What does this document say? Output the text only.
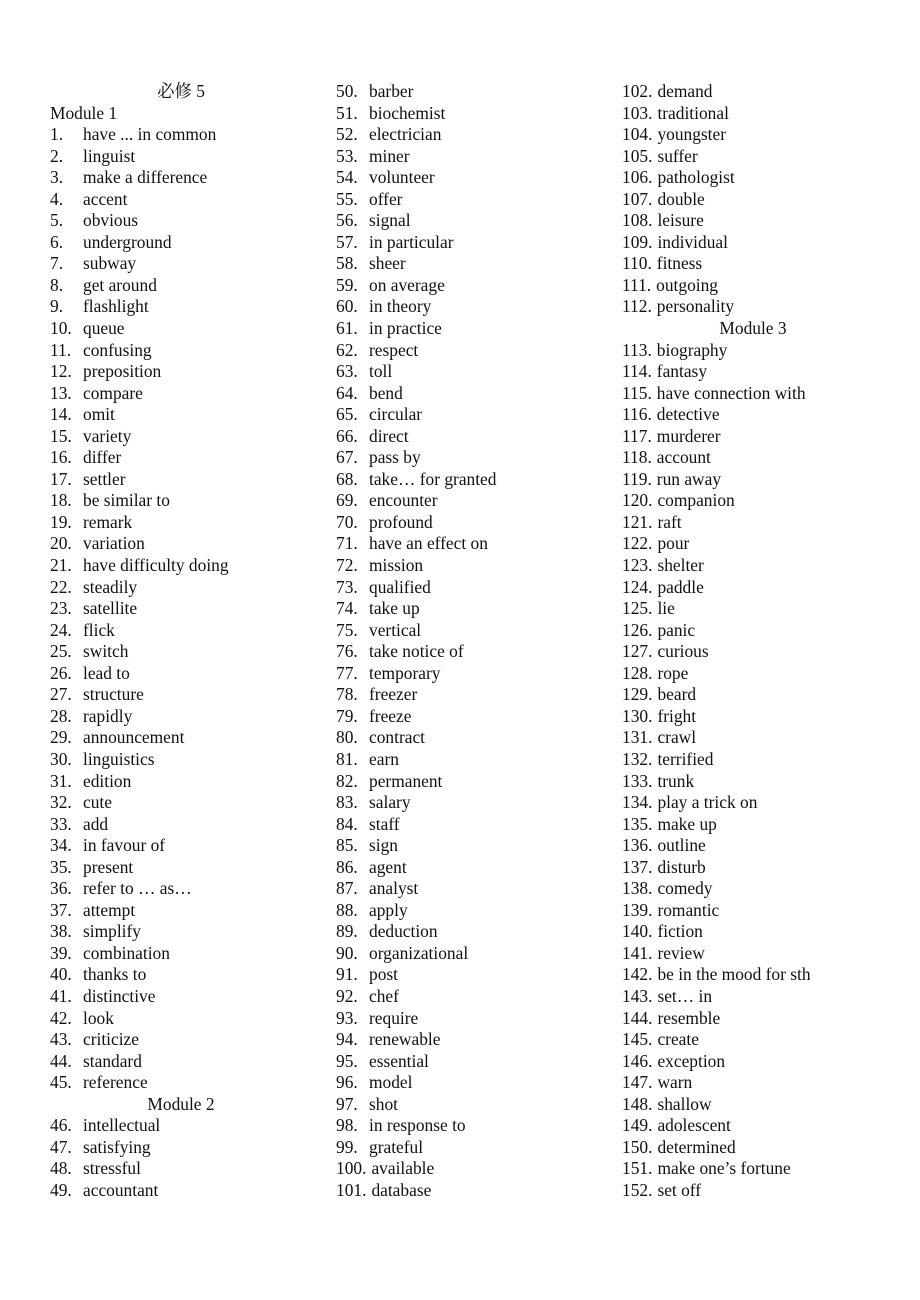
必修 5
Module 1
1.	have ... in common
2.	linguist
3.	make a difference
4.	accent
5.	obvious
6.	underground
7.	subway
8.	get around
9.	flashlight
10. queue
11. confusing
12. preposition
13. compare
14. omit
15. variety
16. differ
17. settler
18. be similar to
19. remark
20. variation
21. have difficulty doing
22. steadily
23. satellite
24. flick
25. switch
26. lead to
27. structure
28. rapidly
29. announcement
30. linguistics
31. edition
32. cute
33. add
34. in favour of
35. present
36. refer to … as…
37. attempt
38. simplify
39. combination
40. thanks to
41. distinctive
42. look
43. criticize
44. standard
45. reference
Module 2
46. intellectual
47. satisfying
48. stressful
49. accountant
50. barber
51. biochemist
52. electrician
53. miner
54. volunteer
55. offer
56. signal
57. in particular
58. sheer
59. on average
60. in theory
61. in practice
62. respect
63. toll
64. bend
65. circular
66. direct
67. pass by
68. take… for granted
69. encounter
70. profound
71. have an effect on
72. mission
73. qualified
74. take up
75. vertical
76. take notice of
77. temporary
78. freezer
79. freeze
80. contract
81. earn
82. permanent
83. salary
84. staff
85. sign
86. agent
87. analyst
88. apply
89. deduction
90. organizational
91. post
92. chef
93. require
94. renewable
95. essential
96. model
97. shot
98. in response to
99. grateful
100. available
101. database
102. demand
103. traditional
104. youngster
105. suffer
106. pathologist
107. double
108. leisure
109. individual
110. fitness
111. outgoing
112. personality
Module 3
113. biography
114. fantasy
115. have connection with
116. detective
117. murderer
118. account
119. run away
120. companion
121. raft
122. pour
123. shelter
124. paddle
125. lie
126. panic
127. curious
128. rope
129. beard
130. fright
131. crawl
132. terrified
133. trunk
134. play a trick on
135. make up
136. outline
137. disturb
138. comedy
139. romantic
140. fiction
141. review
142. be in the mood for sth
143. set… in
144. resemble
145. create
146. exception
147. warn
148. shallow
149. adolescent
150. determined
151. make one’s fortune
152. set off
